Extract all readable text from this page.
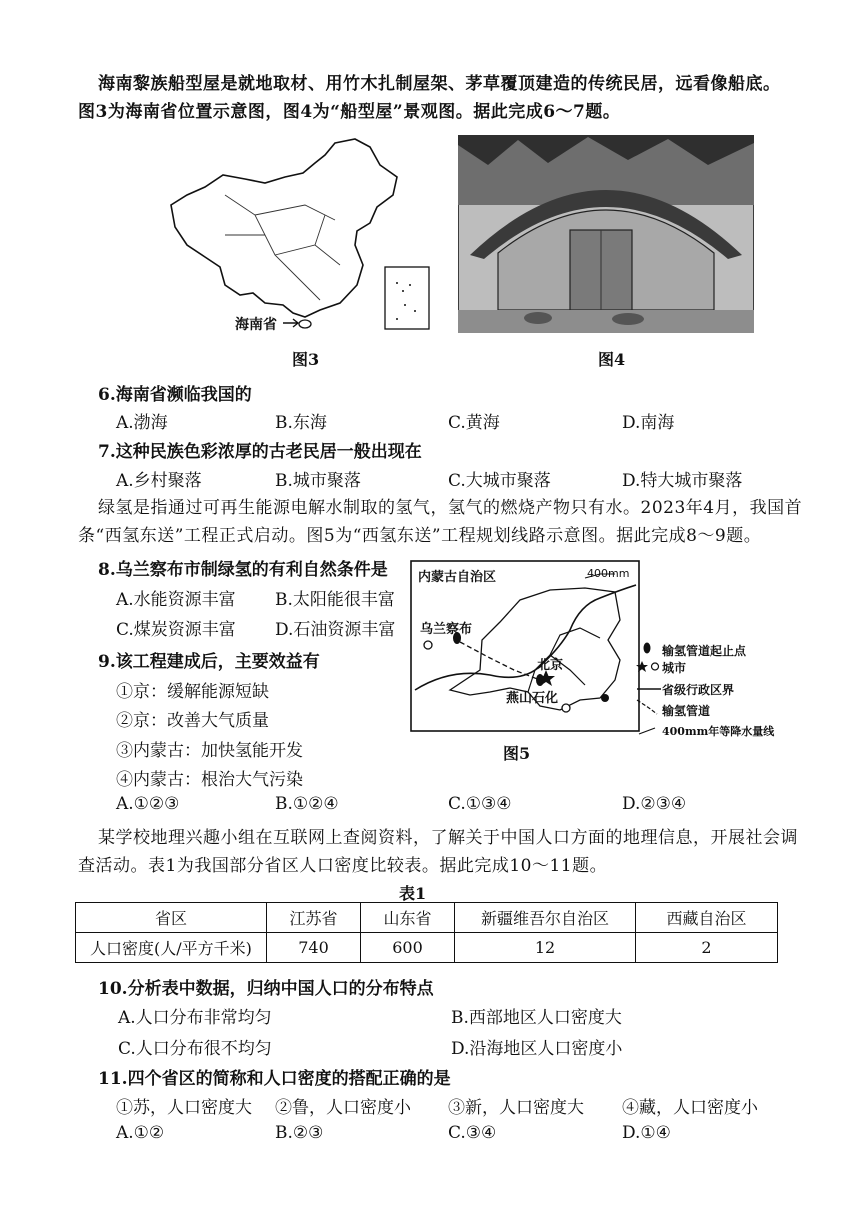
海南黎族船型屋是就地取材、用竹木扎制屋架、茅草覆顶建造的传统民居，远看像船底。
图3为海南省位置示意图，图4为“船型屋”景观图。据此完成6～7题。
海南省
图3	图4
6.海南省濒临我国的
A.渤海	B.东海	C.黄海	D.南海
7.这种民族色彩浓厚的古老民居一般出现在
A.乡村聚落	B.城市聚落	C.大城市聚落	D.特大城市聚落
绿氢是指通过可再生能源电解水制取的氢气，氢气的燃烧产物只有水。2023年4月，我国首
条“西氢东送”工程正式启动。图5为“西氢东送”工程规划线路示意图。据此完成8～9题。
8.乌兰察布市制绿氢的有利自然条件是
A.水能资源丰富 B.太阳能很丰富
C.煤炭资源丰富 D.石油资源丰富
9.该工程建成后，主要效益有
①京：缓解能源短缺
②京：改善大气质量
③内蒙古：加快氢能开发
④内蒙古：根治大气污染
A.①②③	B.①②④	C.①③④	D.②③④
内蒙古自治区	400mm
乌兰察布
北京
燕山石化
图5
输氢管道起止点
城市
省级行政区界
输氢管道
400mm年等降水量线
某学校地理兴趣小组在互联网上查阅资料，了解关于中国人口方面的地理信息，开展社会调
查活动。表1为我国部分省区人口密度比较表。据此完成10～11题。
表1
省区	江苏省	山东省	新疆维吾尔自治区	西藏自治区
人口密度(人/平方千米)	740	600	12	2
10.分析表中数据，归纳中国人口的分布特点
A.人口分布非常均匀	B.西部地区人口密度大
C.人口分布很不均匀	D.沿海地区人口密度小
11.四个省区的简称和人口密度的搭配正确的是
①苏，人口密度大 ②鲁，人口密度小 ③新，人口密度大 ④藏，人口密度小
A.①②	B.②③	C.③④	D.①④
